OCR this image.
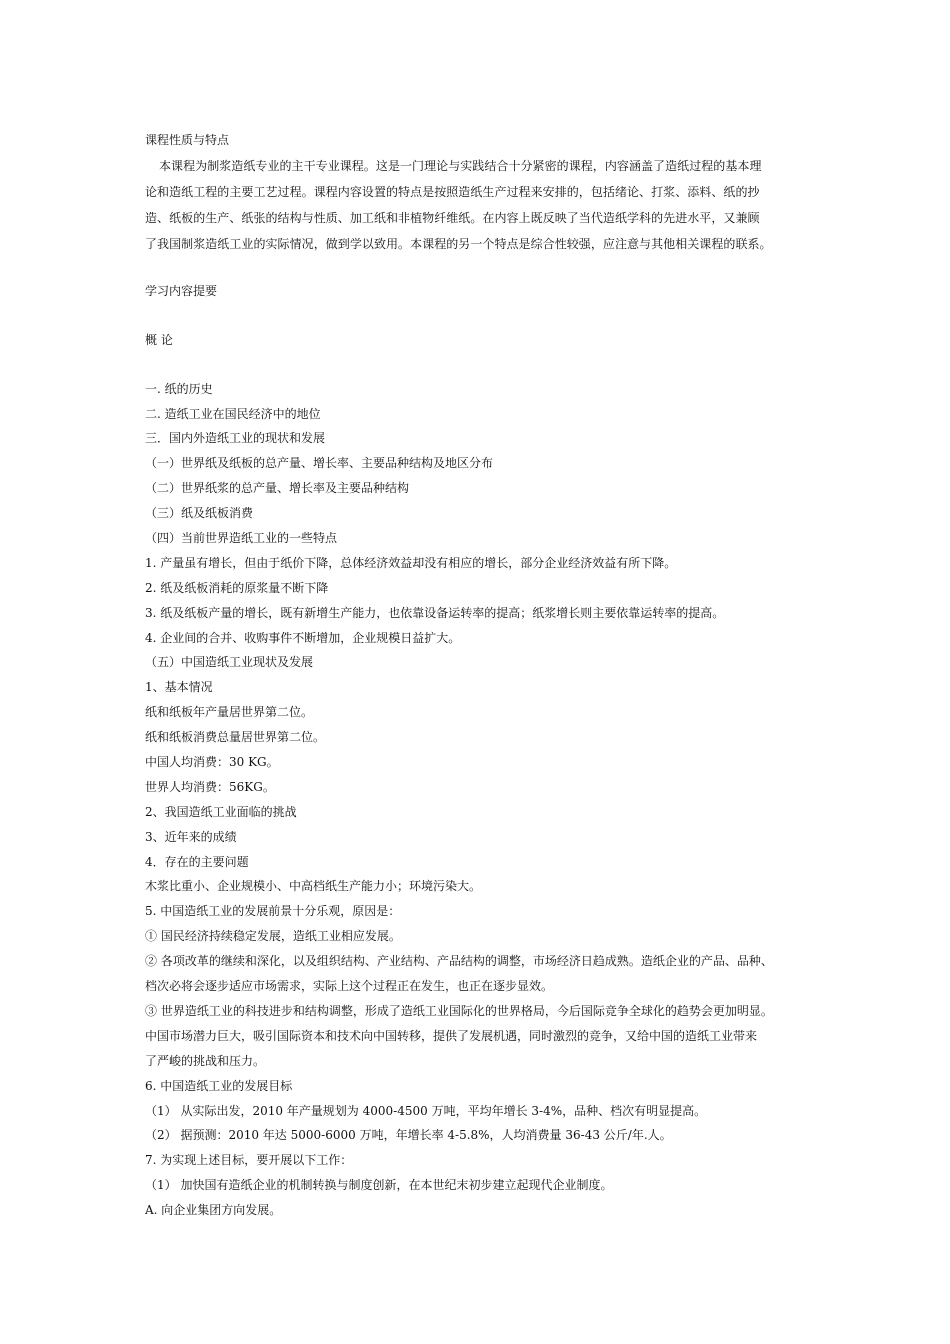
课程性质与特点
本课程为制浆造纸专业的主干专业课程。这是一门理论与实践结合十分紧密的课程，内容涵盖了造纸过程的基本理
论和造纸工程的主要工艺过程。课程内容设置的特点是按照造纸生产过程来安排的，包括绪论、打浆、添料、纸的抄
造、纸板的生产、纸张的结构与性质、加工纸和非植物纤维纸。在内容上既反映了当代造纸学科的先进水平，又兼顾
了我国制浆造纸工业的实际情况，做到学以致用。本课程的另一个特点是综合性较强，应注意与其他相关课程的联系。
学习内容提要
概 论
一. 纸的历史
二. 造纸工业在国民经济中的地位
三．国内外造纸工业的现状和发展
（一）世界纸及纸板的总产量、增长率、主要品种结构及地区分布
（二）世界纸浆的总产量、增长率及主要品种结构
（三）纸及纸板消费
（四）当前世界造纸工业的一些特点
1. 产量虽有增长，但由于纸价下降，总体经济效益却没有相应的增长，部分企业经济效益有所下降。
2. 纸及纸板消耗的原浆量不断下降
3. 纸及纸板产量的增长，既有新增生产能力，也依靠设备运转率的提高；纸浆增长则主要依靠运转率的提高。
4. 企业间的合并、收购事件不断增加，企业规模日益扩大。
（五）中国造纸工业现状及发展
1、基本情况
纸和纸板年产量居世界第二位。
纸和纸板消费总量居世界第二位。
中国人均消费：30 KG。
世界人均消费：56KG。
2、我国造纸工业面临的挑战
3、近年来的成绩
4．存在的主要问题
木浆比重小、企业规模小、中高档纸生产能力小；环境污染大。
5. 中国造纸工业的发展前景十分乐观，原因是：
① 国民经济持续稳定发展，造纸工业相应发展。
② 各项改革的继续和深化，以及组织结构、产业结构、产品结构的调整，市场经济日趋成熟。造纸企业的产品、品种、
档次必将会逐步适应市场需求，实际上这个过程正在发生，也正在逐步显效。
③ 世界造纸工业的科技进步和结构调整，形成了造纸工业国际化的世界格局，今后国际竞争全球化的趋势会更加明显。
中国市场潜力巨大，吸引国际资本和技术向中国转移，提供了发展机遇，同时激烈的竞争，又给中国的造纸工业带来
了严峻的挑战和压力。
6. 中国造纸工业的发展目标
（1） 从实际出发，2010 年产量规划为 4000-4500 万吨，平均年增长 3-4%，品种、档次有明显提高。
（2） 据预测：2010 年达 5000-6000 万吨，年增长率 4-5.8%，人均消费量 36-43 公斤/年.人。
7. 为实现上述目标，要开展以下工作：
（1） 加快国有造纸企业的机制转换与制度创新，在本世纪末初步建立起现代企业制度。
A. 向企业集团方向发展。
